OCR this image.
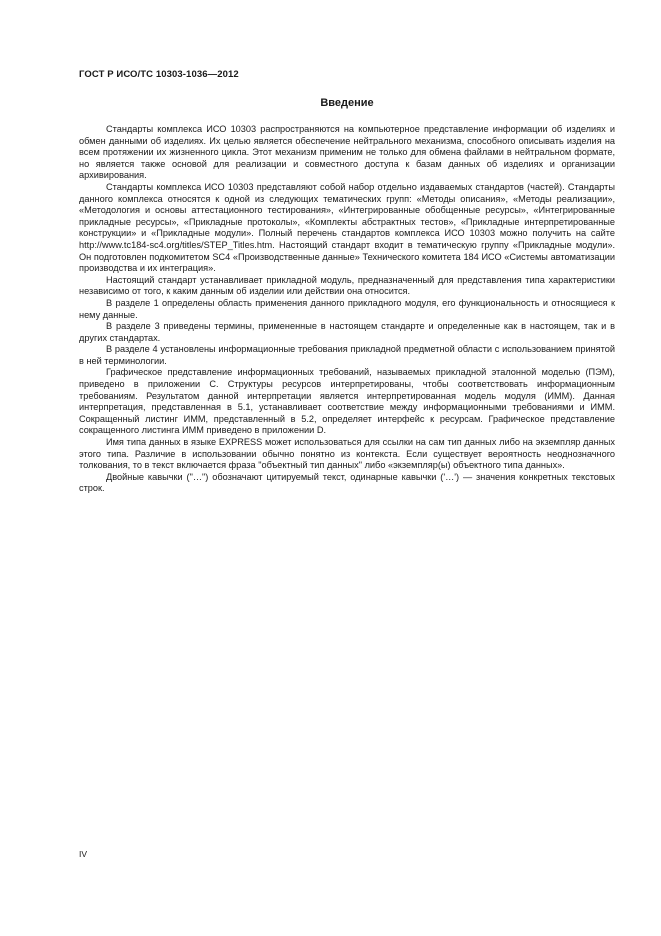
ГОСТ Р ИСО/ТС 10303-1036—2012
Введение

Стандарты комплекса ИСО 10303 распространяются на компьютерное представление информации об изделиях и обмен данными об изделиях. Их целью является обеспечение нейтрального механизма, способного описывать изделия на всем протяжении их жизненного цикла. Этот механизм применим не только для обмена файлами в нейтральном формате, но является также основой для реализации и совместного доступа к базам данных об изделиях и организации архивирования.

Стандарты комплекса ИСО 10303 представляют собой набор отдельно издаваемых стандартов (частей). Стандарты данного комплекса относятся к одной из следующих тематических групп: «Методы описания», «Методы реализации», «Методология и основы аттестационного тестирования», «Интегрированные обобщенные ресурсы», «Интегрированные прикладные ресурсы», «Прикладные протоколы», «Комплекты абстрактных тестов», «Прикладные интерпретированные конструкции» и «Прикладные модули». Полный перечень стандартов комплекса ИСО 10303 можно получить на сайте http://www.tc184-sc4.org/titles/STEP_Titles.htm. Настоящий стандарт входит в тематическую группу «Прикладные модули». Он подготовлен подкомитетом SC4 «Производственные данные» Технического комитета 184 ИСО «Системы автоматизации производства и их интеграция».

Настоящий стандарт устанавливает прикладной модуль, предназначенный для представления типа характеристики независимо от того, к каким данным об изделии или действии она относится.

В разделе 1 определены область применения данного прикладного модуля, его функциональность и относящиеся к нему данные.

В разделе 3 приведены термины, примененные в настоящем стандарте и определенные как в настоящем, так и в других стандартах.

В разделе 4 установлены информационные требования прикладной предметной области с использованием принятой в ней терминологии.

Графическое представление информационных требований, называемых прикладной эталонной моделью (ПЭМ), приведено в приложении С. Структуры ресурсов интерпретированы, чтобы соответствовать информационным требованиям. Результатом данной интерпретации является интерпретированная модель модуля (ИММ). Данная интерпретация, представленная в 5.1, устанавливает соответствие между информационными требованиями и ИММ. Сокращенный листинг ИММ, представленный в 5.2, определяет интерфейс к ресурсам. Графическое представление сокращенного листинга ИММ приведено в приложении D.

Имя типа данных в языке EXPRESS может использоваться для ссылки на сам тип данных либо на экземпляр данных этого типа. Различие в использовании обычно понятно из контекста. Если существует вероятность неоднозначного толкования, то в текст включается фраза "объектный тип данных" либо «экземпляр(ы) объектного типа данных».

Двойные кавычки ("…") обозначают цитируемый текст, одинарные кавычки ('…') — значения конкретных текстовых строк.

IV
